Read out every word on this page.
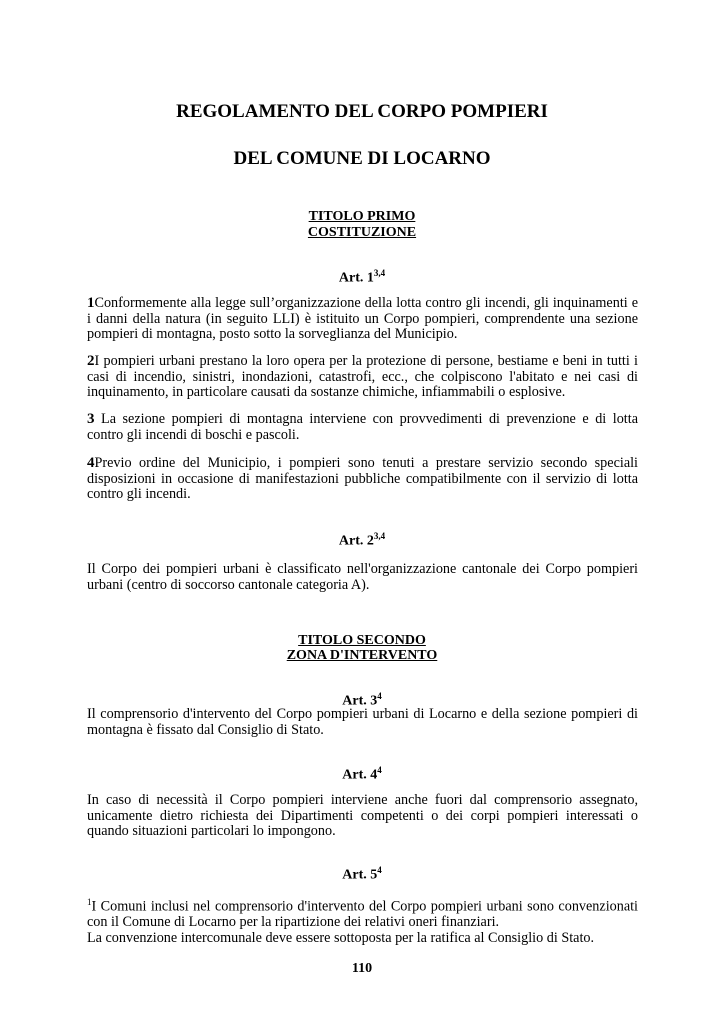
REGOLAMENTO DEL CORPO POMPIERI
DEL COMUNE DI LOCARNO
TITOLO PRIMO
COSTITUZIONE
Art. 1$^{3,4}$
1Conformemente alla legge sull’organizzazione della lotta contro gli incendi, gli inquinamenti e i danni della natura (in seguito LLI) è istituito un Corpo pompieri, comprendente una sezione pompieri di montagna, posto sotto la sorveglianza del Municipio.
2I pompieri urbani prestano la loro opera per la protezione di persone, bestiame e beni in tutti i casi di incendio, sinistri, inondazioni, catastrofi, ecc., che colpiscono l'abitato e nei casi di inquinamento, in particolare causati da sostanze chimiche, infiammabili o esplosive.
3 La sezione pompieri di montagna interviene con provvedimenti di prevenzione e di lotta contro gli incendi di boschi e pascoli.
4Previo ordine del Municipio, i pompieri sono tenuti a prestare servizio secondo speciali disposizioni in occasione di manifestazioni pubbliche compatibilmente con il servizio di lotta contro gli incendi.
Art. 2$^{3,4}$
Il Corpo dei pompieri urbani è classificato nell'organizzazione cantonale dei Corpo pompieri urbani (centro di soccorso cantonale categoria A).
TITOLO SECONDO
ZONA D'INTERVENTO
Art. $3^4$
Il comprensorio d'intervento del Corpo pompieri urbani di Locarno e della sezione pompieri di montagna è fissato dal Consiglio di Stato.
Art. $4^4$
In caso di necessità il Corpo pompieri interviene anche fuori dal comprensorio assegnato, unicamente dietro richiesta dei Dipartimenti competenti o dei corpi pompieri interessati o quando situazioni particolari lo impongono.
Art. $5^4$
$^1$I Comuni inclusi nel comprensorio d'intervento del Corpo pompieri urbani sono convenzionati con il Comune di Locarno per la ripartizione dei relativi oneri finanziari.
La convenzione intercomunale deve essere sottoposta per la ratifica al Consiglio di Stato.
110
